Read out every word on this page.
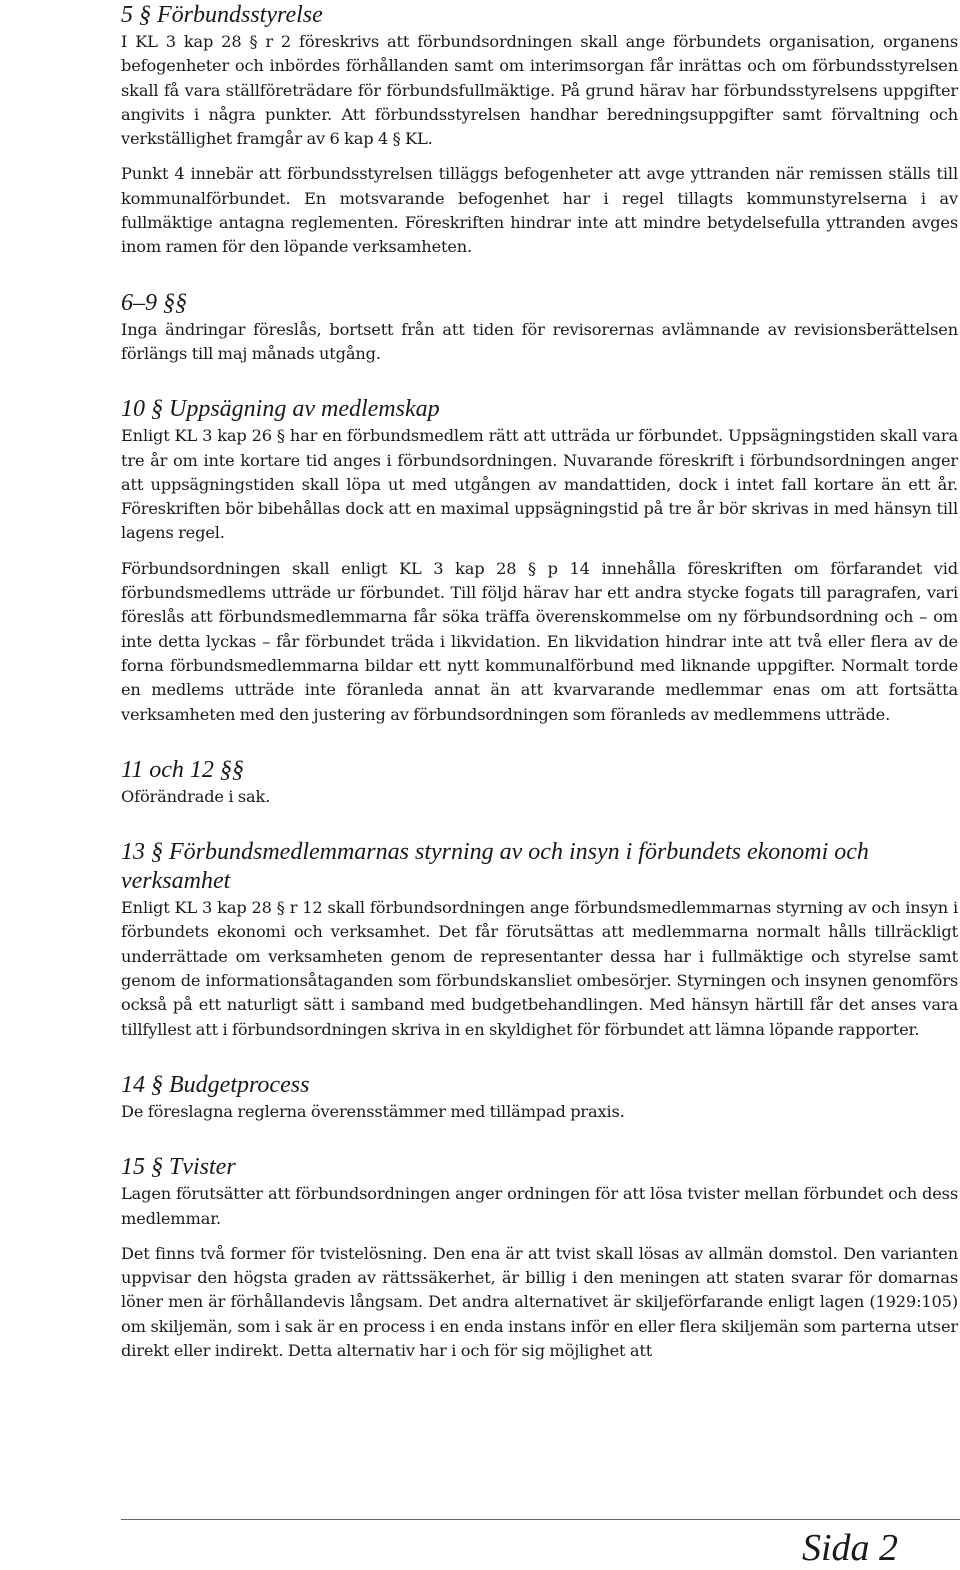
5 § Förbundsstyrelse

I KL 3 kap 28 § r 2 föreskrivs att förbundsordningen skall ange förbundets organisation, organens befogenheter och inbördes förhållanden samt om interimsorgan får inrättas och om förbundsstyrelsen skall få vara ställföreträdare för förbundsfullmäktige. På grund härav har förbundsstyrelsens uppgifter angivits i några punkter. Att förbundsstyrelsen handhar beredningsuppgifter samt förvaltning och verkställighet framgår av 6 kap 4 § KL.

Punkt 4 innebär att förbundsstyrelsen tilläggs befogenheter att avge yttranden när remissen ställs till kommunalförbundet. En motsvarande befogenhet har i regel tillagts kommunstyrelserna i av fullmäktige antagna reglementen. Föreskriften hindrar inte att mindre betydelsefulla yttranden avges inom ramen för den löpande verksamheten.

6–9 §§

Inga ändringar föreslås, bortsett från att tiden för revisorernas avlämnande av revisionsberättelsen förlängs till maj månads utgång.

10 § Uppsägning av medlemskap

Enligt KL 3 kap 26 § har en förbundsmedlem rätt att utträda ur förbundet. Uppsägningstiden skall vara tre år om inte kortare tid anges i förbundsordningen. Nuvarande föreskrift i förbundsordningen anger att uppsägningstiden skall löpa ut med utgången av mandattiden, dock i intet fall kortare än ett år. Föreskriften bör bibehållas dock att en maximal uppsägningstid på tre år bör skrivas in med hänsyn till lagens regel.

Förbundsordningen skall enligt KL 3 kap 28 § p 14 innehålla föreskriften om förfarandet vid förbundsmedlems utträde ur förbundet. Till följd härav har ett andra stycke fogats till paragrafen, vari föreslås att förbundsmedlemmarna får söka träffa överenskommelse om ny förbundsordning och – om inte detta lyckas – får förbundet träda i likvidation. En likvidation hindrar inte att två eller flera av de forna förbundsmedlemmarna bildar ett nytt kommunalförbund med liknande uppgifter. Normalt torde en medlems utträde inte föranleda annat än att kvarvarande medlemmar enas om att fortsätta verksamheten med den justering av förbundsordningen som föranleds av medlemmens utträde.

11 och 12 §§

Oförändrade i sak.

13 § Förbundsmedlemmarnas styrning av och insyn i förbundets ekonomi och verksamhet

Enligt KL 3 kap 28 § r 12 skall förbundsordningen ange förbundsmedlemmarnas styrning av och insyn i förbundets ekonomi och verksamhet. Det får förutsättas att medlemmarna normalt hålls tillräckligt underrättade om verksamheten genom de representanter dessa har i fullmäktige och styrelse samt genom de informationsåtaganden som förbundskansliet ombesörjer. Styrningen och insynen genomförs också på ett naturligt sätt i samband med budgetbehandlingen. Med hänsyn härtill får det anses vara tillfyllest att i förbundsordningen skriva in en skyldighet för förbundet att lämna löpande rapporter.

14 § Budgetprocess

De föreslagna reglerna överensstämmer med tillämpad praxis.

15 § Tvister

Lagen förutsätter att förbundsordningen anger ordningen för att lösa tvister mellan förbundet och dess medlemmar.

Det finns två former för tvistelösning. Den ena är att tvist skall lösas av allmän domstol. Den varianten uppvisar den högsta graden av rättssäkerhet, är billig i den meningen att staten svarar för domarnas löner men är förhållandevis långsam. Det andra alternativet är skiljeförfarande enligt lagen (1929:105) om skiljemän, som i sak är en process i en enda instans inför en eller flera skiljemän som parterna utser direkt eller indirekt. Detta alternativ har i och för sig möjlighet att

Sida 2
